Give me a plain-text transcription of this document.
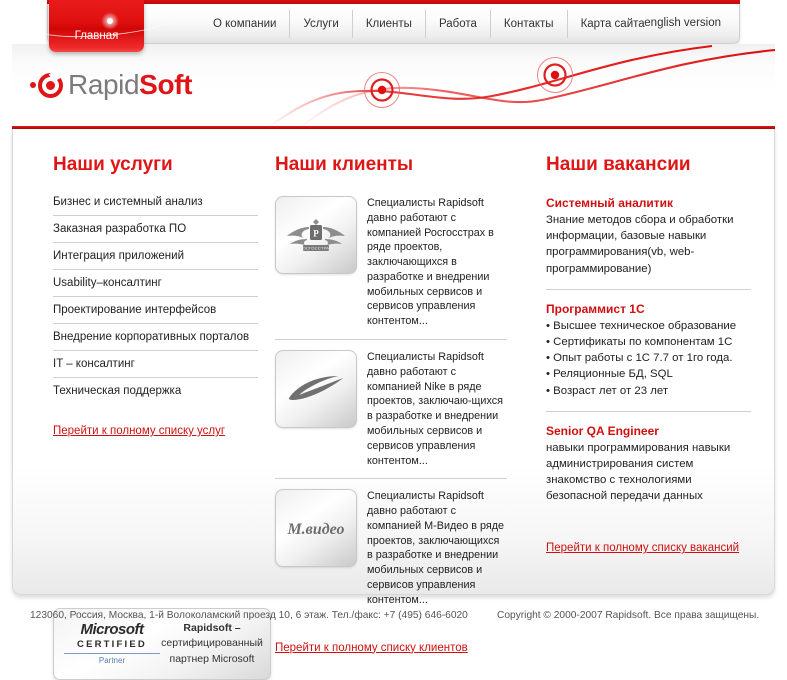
О компании	Услуги	Клиенты	Работа	Контакты	Карта сайта english version
Главная
RapidSoft
Наши услуги
Бизнес и системный анализ
Заказная разработка ПО
Интеграция приложений
Usability–консалтинг
Проектирование интерфейсов
Внедрение корпоративных порталов
IT – консалтинг
Техническая поддержка
Перейти к полному списку услуг
Microsoft
CERTIFIED
Partner
Rapidsoft –
сертифицированный
партнер Microsoft
Наши клиенты
P
РОСГОССТРАХ
Специалисты Rapidsoft давно работают с компанией Росгосстрах в ряде проектов, заключающихся в разработке и внедрении мобильных сервисов и сервисов управления контентом...
Специалисты Rapidsoft давно работают с компанией Nike в ряде проектов, заключаю-щихся в разработке и внедрении мобильных сервисов и сервисов управления контентом...
М.видео
Специалисты Rapidsoft давно работают с компанией М-Видео в ряде проектов, заключающихся в разработке и внедрении мобильных сервисов и сервисов управления контентом...
Перейти к полному списку клиентов
Наши вакансии
Системный аналитик
Знание методов сбора и обработки информации, базовые навыки программирования(vb, web-программирование)
Программист 1С
• Высшее техническое образование
• Сертификаты по компонентам 1С
• Опыт работы с 1С 7.7 от 1го года.
• Реляционные БД, SQL
• Возраст лет от 23 лет
Senior QA Engineer
навыки программирования навыки администрирования систем знакомство с технологиями безопасной передачи данных
Перейти к полному списку вакансий
123060, Россия, Москва, 1-й Волоколамский проезд 10, 6 этаж. Тел./факс: +7 (495) 646-6020	Copyright © 2000-2007 Rapidsoft. Все права защищены.
